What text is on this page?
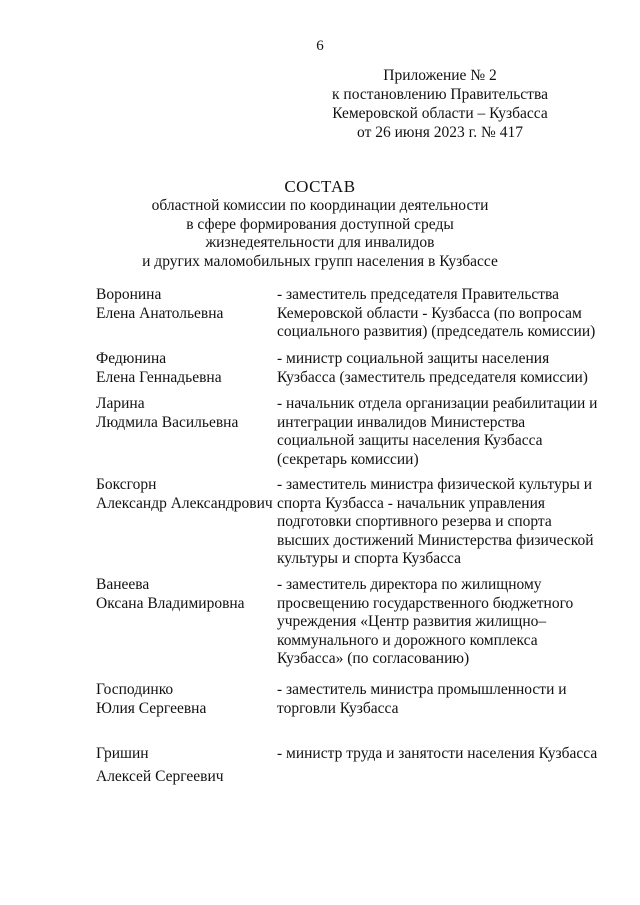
6
Приложение № 2
к постановлению Правительства
Кемеровской области – Кузбасса
от 26 июня 2023 г. № 417
СОСТАВ
областной комиссии по координации деятельности
в сфере формирования доступной среды
жизнедеятельности для инвалидов
и других маломобильных групп населения в Кузбассе
Воронина
Елена Анатольевна
- заместитель председателя Правительства
Кемеровской области - Кузбасса (по вопросам
социального развития) (председатель комиссии)
Федюнина
Елена Геннадьевна
- министр социальной защиты населения
Кузбасса (заместитель председателя комиссии)
Ларина
Людмила Васильевна
- начальник отдела организации реабилитации и
интеграции инвалидов Министерства
социальной защиты населения Кузбасса
(секретарь комиссии)
Боксгорн
Александр Александрович
- заместитель министра физической культуры и
спорта Кузбасса - начальник управления
подготовки спортивного резерва и спорта
высших достижений Министерства физической
культуры и спорта Кузбасса
Ванеева
Оксана Владимировна
- заместитель директора по жилищному
просвещению государственного бюджетного
учреждения «Центр развития жилищно–
коммунального и дорожного комплекса
Кузбасса» (по согласованию)
Господинко
Юлия Сергеевна
- заместитель министра промышленности и
торговли Кузбасса
Гришин
Алексей Сергеевич
- министр труда и занятости населения Кузбасса
